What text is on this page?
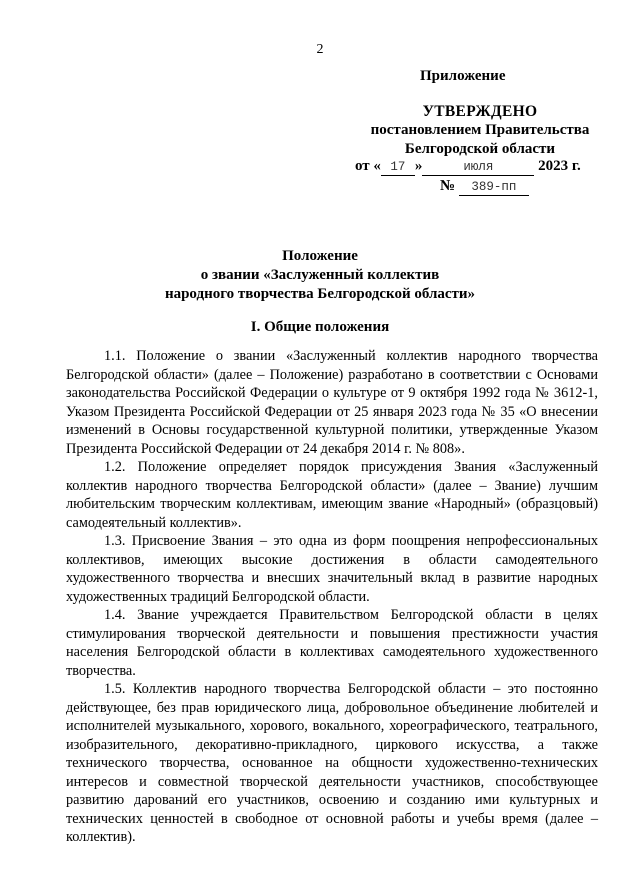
2
Приложение
УТВЕРЖДЕНО
постановлением Правительства
Белгородской области
от « 17 »	июля	2023 г.
№ 389-пп
Положение
о звании «Заслуженный коллектив
народного творчества Белгородской области»
I. Общие положения

1.1. Положение о звании «Заслуженный коллектив народного творчества Белгородской области» (далее – Положение) разработано в соответствии с Основами законодательства Российской Федерации о культуре от 9 октября 1992 года № 3612-1, Указом Президента Российской Федерации от 25 января 2023 года № 35 «О внесении изменений в Основы государственной культурной политики, утвержденные Указом Президента Российской Федерации от 24 декабря 2014 г. № 808».

1.2. Положение определяет порядок присуждения Звания «Заслуженный коллектив народного творчества Белгородской области» (далее – Звание) лучшим любительским творческим коллективам, имеющим звание «Народный» (образцовый) самодеятельный коллектив».

1.3. Присвоение Звания – это одна из форм поощрения непрофессиональных коллективов, имеющих высокие достижения в области самодеятельного художественного творчества и внесших значительный вклад в развитие народных художественных традиций Белгородской области.

1.4. Звание учреждается Правительством Белгородской области в целях стимулирования творческой деятельности и повышения престижности участия населения Белгородской области в коллективах самодеятельного художественного творчества.

1.5. Коллектив народного творчества Белгородской области – это постоянно действующее, без прав юридического лица, добровольное объединение любителей и исполнителей музыкального, хорового, вокального, хореографического, театрального, изобразительного, декоративно-прикладного, циркового искусства, а также технического творчества, основанное на общности художественно-технических интересов и совместной творческой деятельности участников, способствующее развитию дарований его участников, освоению и созданию ими культурных и технических ценностей в свободное от основной работы и учебы время (далее – коллектив).
